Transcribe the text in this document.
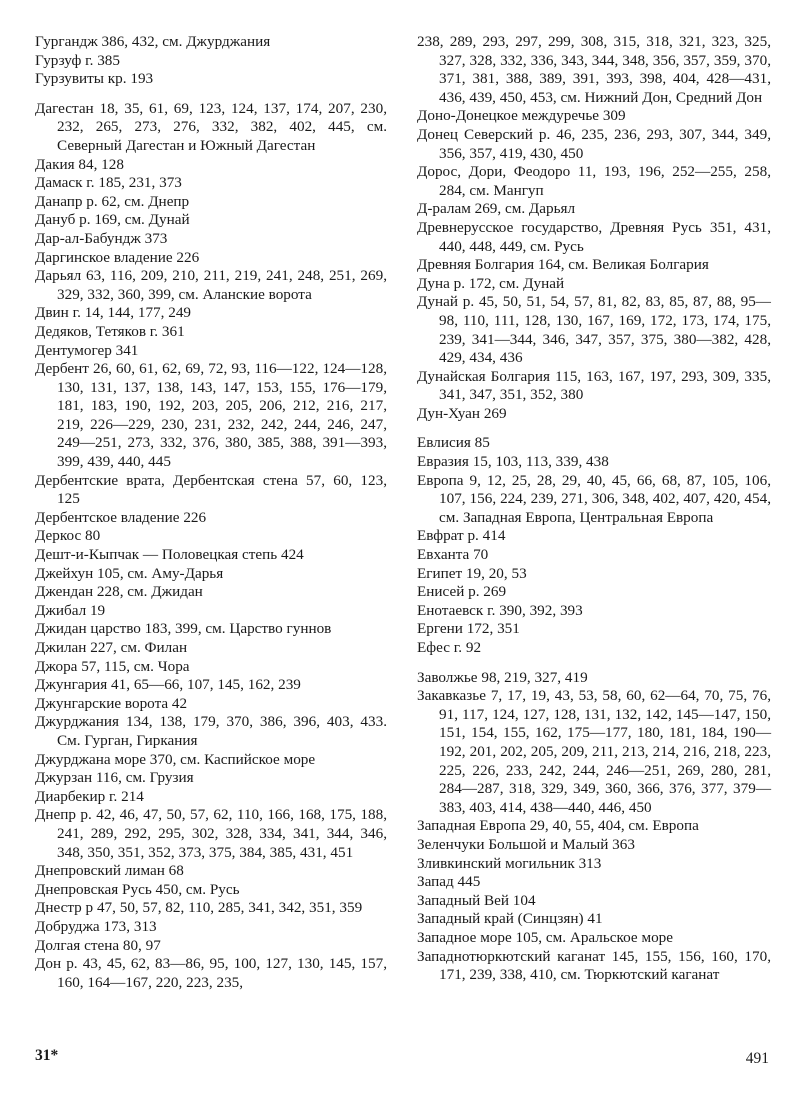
Гургандж 386, 432, см. Джурджания

Гурзуф г. 385

Гурзувиты кр. 193

Дагестан 18, 35, 61, 69, 123, 124, 137, 174, 207, 230, 232, 265, 273, 276, 332, 382, 402, 445, см. Северный Дагестан и Южный Дагестан

Дакия 84, 128

Дамаск г. 185, 231, 373

Данапр р. 62, см. Днепр

Дануб р. 169, см. Дунай

Дар-ал-Бабундж 373

Даргинское владение 226

Дарьял 63, 116, 209, 210, 211, 219, 241, 248, 251, 269, 329, 332, 360, 399, см. Аланские ворота

Двин г. 14, 144, 177, 249

Дедяков, Тетяков г. 361

Дентумогер 341

Дербент 26, 60, 61, 62, 69, 72, 93, 116—122, 124—128, 130, 131, 137, 138, 143, 147, 153, 155, 176—179, 181, 183, 190, 192, 203, 205, 206, 212, 216, 217, 219, 226—229, 230, 231, 232, 242, 244, 246, 247, 249—251, 273, 332, 376, 380, 385, 388, 391—393, 399, 439, 440, 445

Дербентские врата, Дербентская стена 57, 60, 123, 125

Дербентское владение 226

Деркос 80

Дешт-и-Кыпчак — Половецкая степь 424

Джейхун 105, см. Аму-Дарья

Джендан 228, см. Джидан

Джибал 19

Джидан царство 183, 399, см. Царство гуннов

Джилан 227, см. Филан

Джора 57, 115, см. Чора

Джунгария 41, 65—66, 107, 145, 162, 239

Джунгарские ворота 42

Джурджания 134, 138, 179, 370, 386, 396, 403, 433. См. Гурган, Гиркания

Джурджана море 370, см. Каспийское море

Джурзан 116, см. Грузия

Диарбекир г. 214

Днепр р. 42, 46, 47, 50, 57, 62, 110, 166, 168, 175, 188, 241, 289, 292, 295, 302, 328, 334, 341, 344, 346, 348, 350, 351, 352, 373, 375, 384, 385, 431, 451

Днепровский лиман 68

Днепровская Русь 450, см. Русь

Днестр р 47, 50, 57, 82, 110, 285, 341, 342, 351, 359

Добруджа 173, 313

Долгая стена 80, 97

Дон р. 43, 45, 62, 83—86, 95, 100, 127, 130, 145, 157, 160, 164—167, 220, 223, 235,

238, 289, 293, 297, 299, 308, 315, 318, 321, 323, 325, 327, 328, 332, 336, 343, 344, 348, 356, 357, 359, 370, 371, 381, 388, 389, 391, 393, 398, 404, 428—431, 436, 439, 450, 453, см. Нижний Дон, Средний Дон

Доно-Донецкое междуречье 309

Донец Северский р. 46, 235, 236, 293, 307, 344, 349, 356, 357, 419, 430, 450

Дорос, Дори, Феодоро 11, 193, 196, 252—255, 258, 284, см. Мангуп

Д-ралам 269, см. Дарьял

Древнерусское государство, Древняя Русь 351, 431, 440, 448, 449, см. Русь

Древняя Болгария 164, см. Великая Болгария

Дуна р. 172, см. Дунай

Дунай р. 45, 50, 51, 54, 57, 81, 82, 83, 85, 87, 88, 95—98, 110, 111, 128, 130, 167, 169, 172, 173, 174, 175, 239, 341—344, 346, 347, 357, 375, 380—382, 428, 429, 434, 436

Дунайская Болгария 115, 163, 167, 197, 293, 309, 335, 341, 347, 351, 352, 380

Дун-Хуан 269

Евлисия 85

Евразия 15, 103, 113, 339, 438

Европа 9, 12, 25, 28, 29, 40, 45, 66, 68, 87, 105, 106, 107, 156, 224, 239, 271, 306, 348, 402, 407, 420, 454, см. Западная Европа, Центральная Европа

Евфрат р. 414

Евханта 70

Египет 19, 20, 53

Енисей р. 269

Енотаевск г. 390, 392, 393

Ергени 172, 351

Ефес г. 92

Заволжье 98, 219, 327, 419

Закавказье 7, 17, 19, 43, 53, 58, 60, 62—64, 70, 75, 76, 91, 117, 124, 127, 128, 131, 132, 142, 145—147, 150, 151, 154, 155, 162, 175—177, 180, 181, 184, 190—192, 201, 202, 205, 209, 211, 213, 214, 216, 218, 223, 225, 226, 233, 242, 244, 246—251, 269, 280, 281, 284—287, 318, 329, 349, 360, 366, 376, 377, 379—383, 403, 414, 438—440, 446, 450

Западная Европа 29, 40, 55, 404, см. Европа

Зеленчуки Большой и Малый 363

Зливкинский могильник 313

Запад 445

Западный Вей 104

Западный край (Синцзян) 41

Западное море 105, см. Аральское море

Западнотюркютский каганат 145, 155, 156, 160, 170, 171, 239, 338, 410, см. Тюркютский каганат

31*	491
